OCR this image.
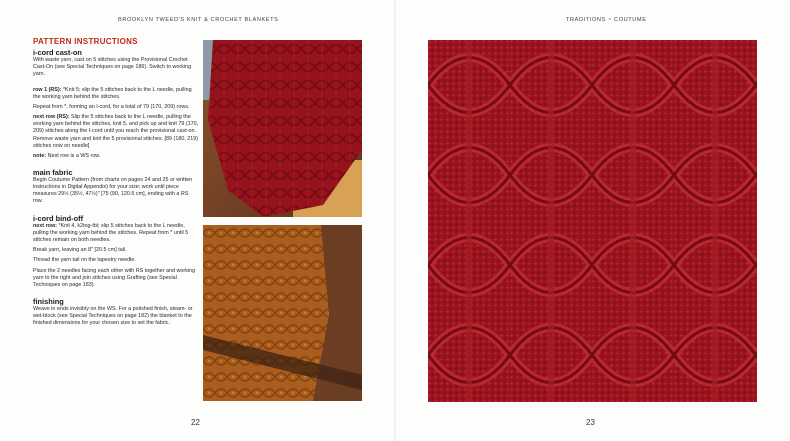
BROOKLYN TWEED'S KNIT & CROCHET BLANKETS	TRADITIONS ~ COUTUME
PATTERN INSTRUCTIONS
i-cord cast-on
With waste yarn, cast on 5 stitches using the Provisional Crochet Cast-On (see Special Techniques on page 186). Switch to working yarn.
row 1 (RS): *Knit 5; slip the 5 stitches back to the L needle, pulling the working yarn behind the stitches.
Repeat from *, forming an I-cord, for a total of 79 (170, 209) rows.
next row (RS): Slip the 5 stitches back to the L needle, pulling the working yarn behind the stitches, knit 5, and pick up and knit 79 (170, 209) stitches along the I-cord until you reach the provisional cast-on. Remove waste yarn and knit the 5 provisional stitches. [89 (180, 219) stitches now on needle]
note: Next row is a WS row.
main fabric
Begin Coutume Pattern (from charts on pages 24 and 25 or written instructions in Digital Appendix) for your size; work until piece measures 29½ (35½, 47½)" [75 (90, 120.5 cm], ending with a RS row.
i-cord bind-off
next row: *Knit 4, k2tog-tbl; slip 5 stitches back to the L needle, pulling the working yarn behind the stitches. Repeat from * until 5 stitches remain on both needles.
Break yarn, leaving an 8" [20.5 cm] tail.
Thread the yarn tail on the tapestry needle.
Place the 2 needles facing each other with RS together and working yarn to the right and join stitches using Grafting (see Special Techniques on page 183).
finishing
Weave in ends invisibly on the WS. For a polished finish, steam- or wet-block (see Special Techniques on page 182) the blanket to the finished dimensions for your chosen size to set the fabric.
22	23
